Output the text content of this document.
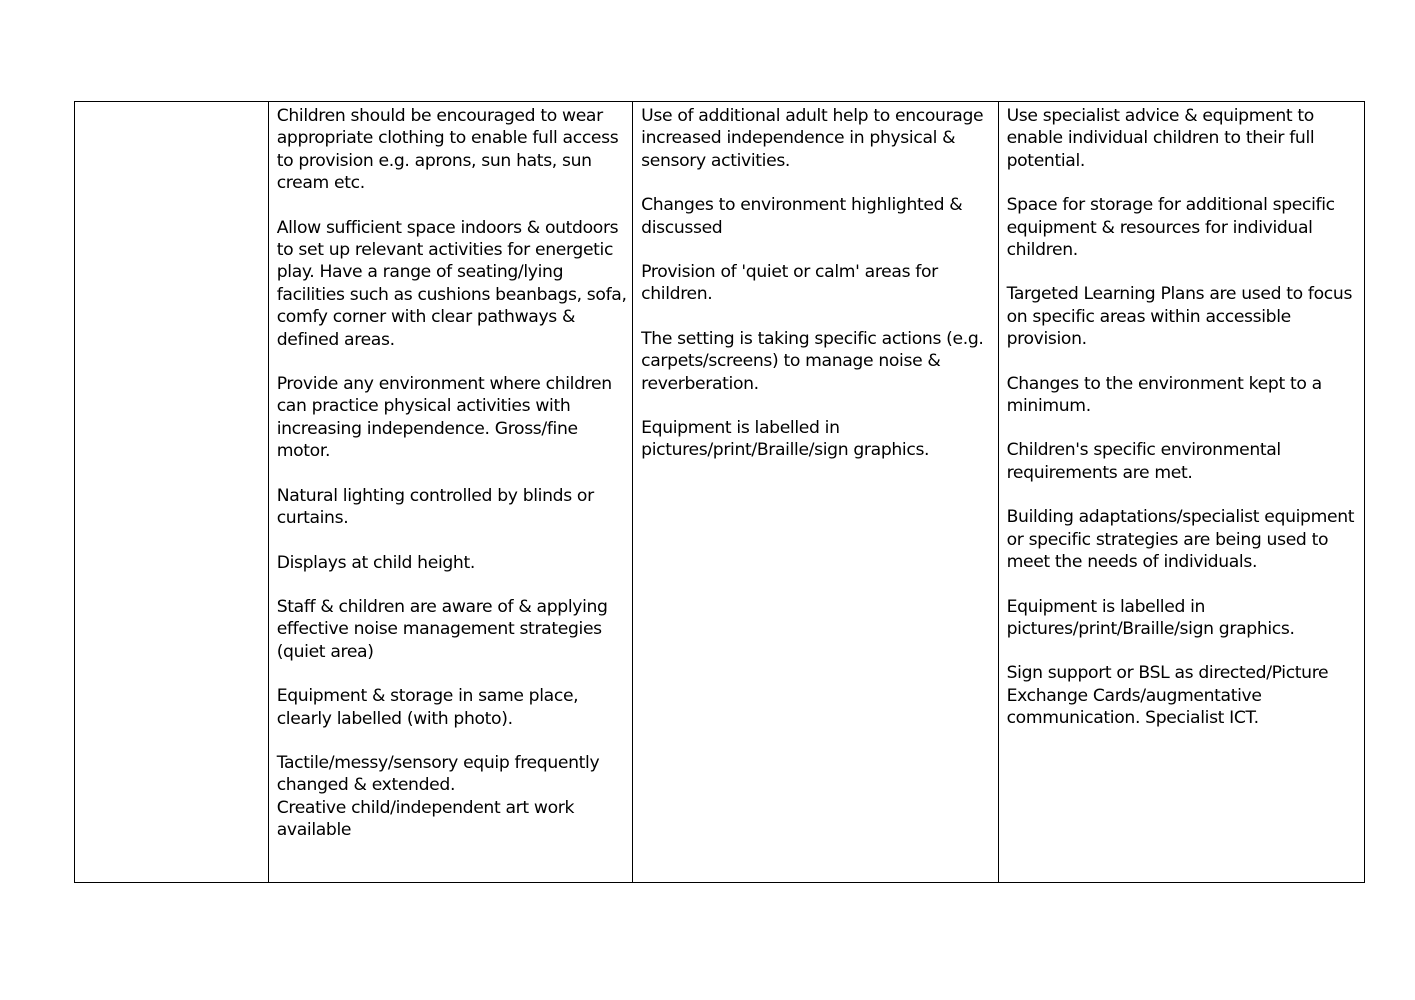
Children should be encouraged to wear appropriate clothing to enable full access to provision e.g. aprons, sun hats, sun cream etc.

Allow sufficient space indoors & outdoors to set up relevant activities for energetic play. Have a range of seating/lying facilities such as cushions beanbags, sofa, comfy corner with clear pathways & defined areas.

Provide any environment where children can practice physical activities with increasing independence. Gross/fine motor.

Natural lighting controlled by blinds or curtains.

Displays at child height.

Staff & children are aware of & applying effective noise management strategies (quiet area)

Equipment & storage in same place, clearly labelled (with photo).

Tactile/messy/sensory equip frequently changed & extended.

Creative child/independent art work available

Use of additional adult help to encourage increased independence in physical & sensory activities.

Changes to environment highlighted & discussed

Provision of 'quiet or calm' areas for children.

The setting is taking specific actions (e.g. carpets/screens) to manage noise & reverberation.

Equipment is labelled in pictures/print/Braille/sign graphics.

Use specialist advice & equipment to enable individual children to their full potential.

Space for storage for additional specific equipment & resources for individual children.

Targeted Learning Plans are used to focus on specific areas within accessible provision.

Changes to the environment kept to a minimum.

Children's specific environmental requirements are met.

Building adaptations/specialist equipment or specific strategies are being used to meet the needs of individuals.

Equipment is labelled in pictures/print/Braille/sign graphics.

Sign support or BSL as directed/Picture Exchange Cards/augmentative communication. Specialist ICT.
